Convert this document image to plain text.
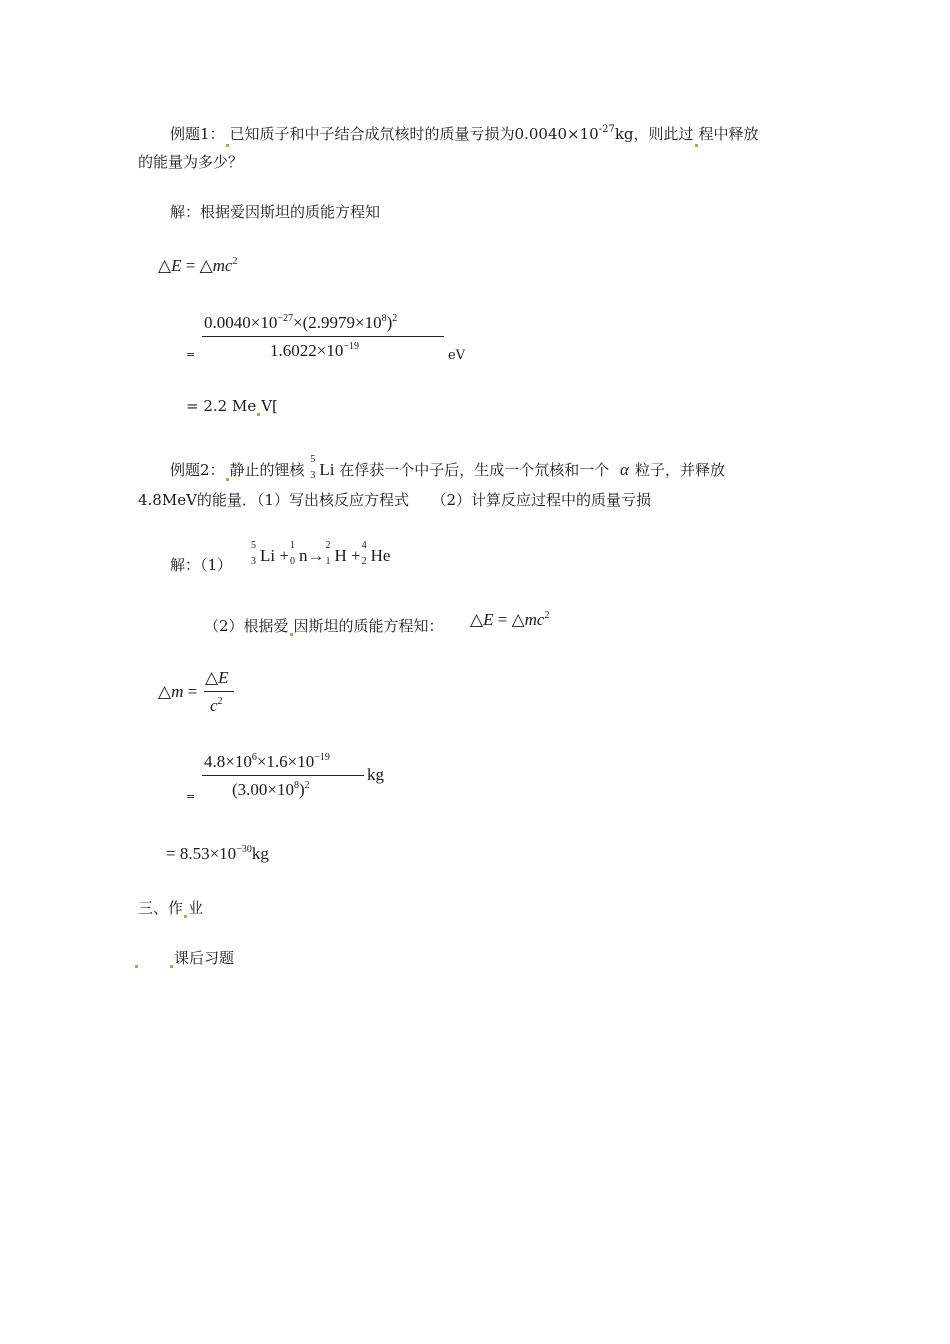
例题1： 已知质子和中子结合成氘核时的质量亏损为$0.0040\times 10^{-27}kg$，则此过 程中释放
的能量为多少？
解：根据爱因斯坦的质能方程知
△E = $\triangle mc^2$
$0.0040\times 10^{-27}\times(2.9979\times 10^8)^2$
$1.6022\times 10^{-19}$
=	eV
= 2.2 Me V[
例题2： 静止的锂核
5
3 Li 在俘获一个中子后，生成一个氘核和一个 α 粒子，并释放
4.8MeV的能量．（1）写出核反应方程式　　（2）计算反应过程中的质量亏损
解：（1）
5
3 Li +
1
0 n→
2
1 H +
4
2 He
（2）根据爱 因斯坦的质能方程知： △E = $\triangle mc^2$
△m =
△E
$c^2$
$4.8\times 10^6\times 1.6\times 10^{-19}$
$(3.00\times 10^8)^2$
kg
=
= $8.53\times 10^{-30}kg$
三、作 业
课后习题
